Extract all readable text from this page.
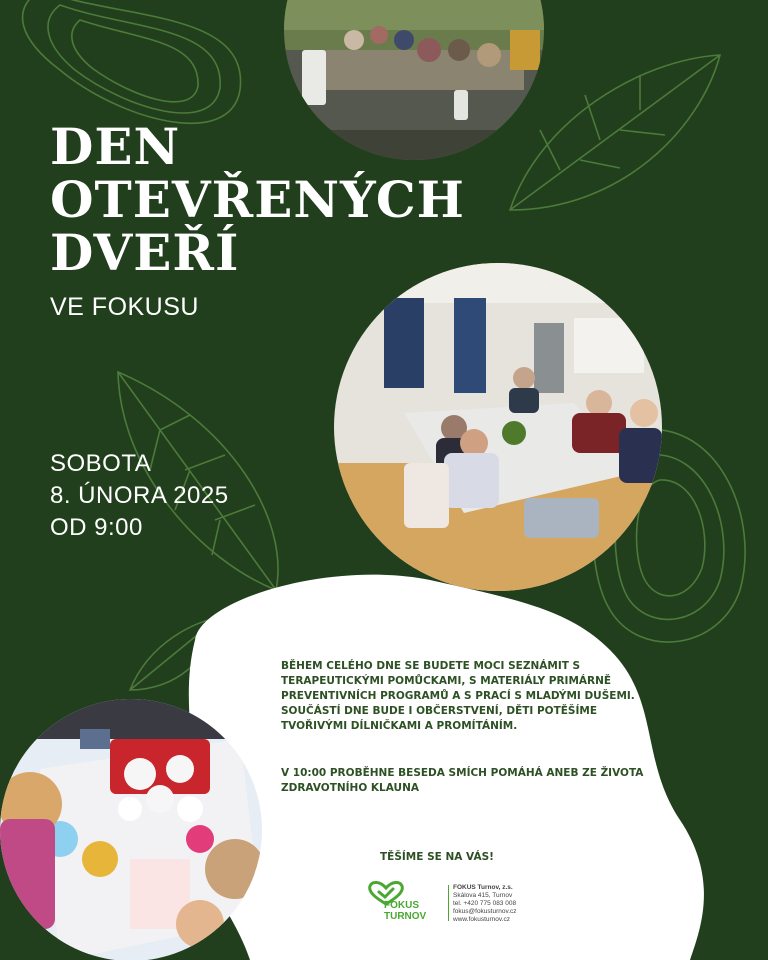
DEN
OTEVŘENÝCH
DVEŘÍ
VE FOKUSU
SOBOTA
8. ÚNORA 2025
OD 9:00

BĚHEM CELÉHO DNE SE BUDETE MOCI SEZNÁMIT S TERAPEUTICKÝMI POMŮCKAMI, S MATERIÁLY PRIMÁRNĚ PREVENTIVNÍCH PROGRAMŮ A S PRACÍ S MLADÝMI DUŠEMI. SOUČÁSTÍ DNE BUDE I OBČERSTVENÍ, DĚTI POTĚŠÍME TVOŘIVÝMI DÍLNIČKAMI A PROMÍTÁNÍM.

V 10:00 PROBĚHNE BESEDA SMÍCH POMÁHÁ ANEB ZE ŽIVOTA ZDRAVOTNÍHO KLAUNA

TĚŠÍME SE NA VÁS!
FOKUS
TURNOV
FOKUS Turnov, z.s.
Skálova 415, Turnov
tel. +420 775 083 008
fokus@fokusturnov.cz
www.fokusturnov.cz
